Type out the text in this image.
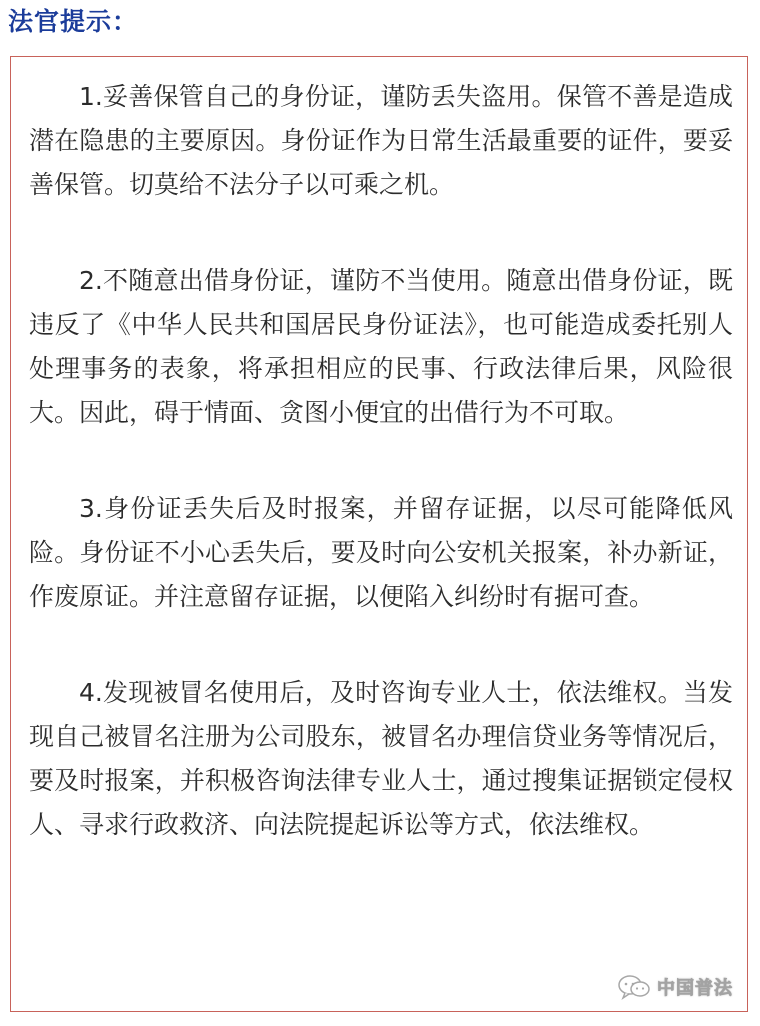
法官提示：

1.妥善保管自己的身份证，谨防丢失盗用。保管不善是造成潜在隐患的主要原因。身份证作为日常生活最重要的证件，要妥善保管。切莫给不法分子以可乘之机。

2.不随意出借身份证，谨防不当使用。随意出借身份证，既违反了《中华人民共和国居民身份证法》，也可能造成委托别人处理事务的表象，将承担相应的民事、行政法律后果，风险很大。因此，碍于情面、贪图小便宜的出借行为不可取。

3.身份证丢失后及时报案，并留存证据，以尽可能降低风险。身份证不小心丢失后，要及时向公安机关报案，补办新证，作废原证。并注意留存证据，以便陷入纠纷时有据可查。

4.发现被冒名使用后，及时咨询专业人士，依法维权。当发现自己被冒名注册为公司股东，被冒名办理信贷业务等情况后，要及时报案，并积极咨询法律专业人士，通过搜集证据锁定侵权人、寻求行政救济、向法院提起诉讼等方式，依法维权。

中国普法
